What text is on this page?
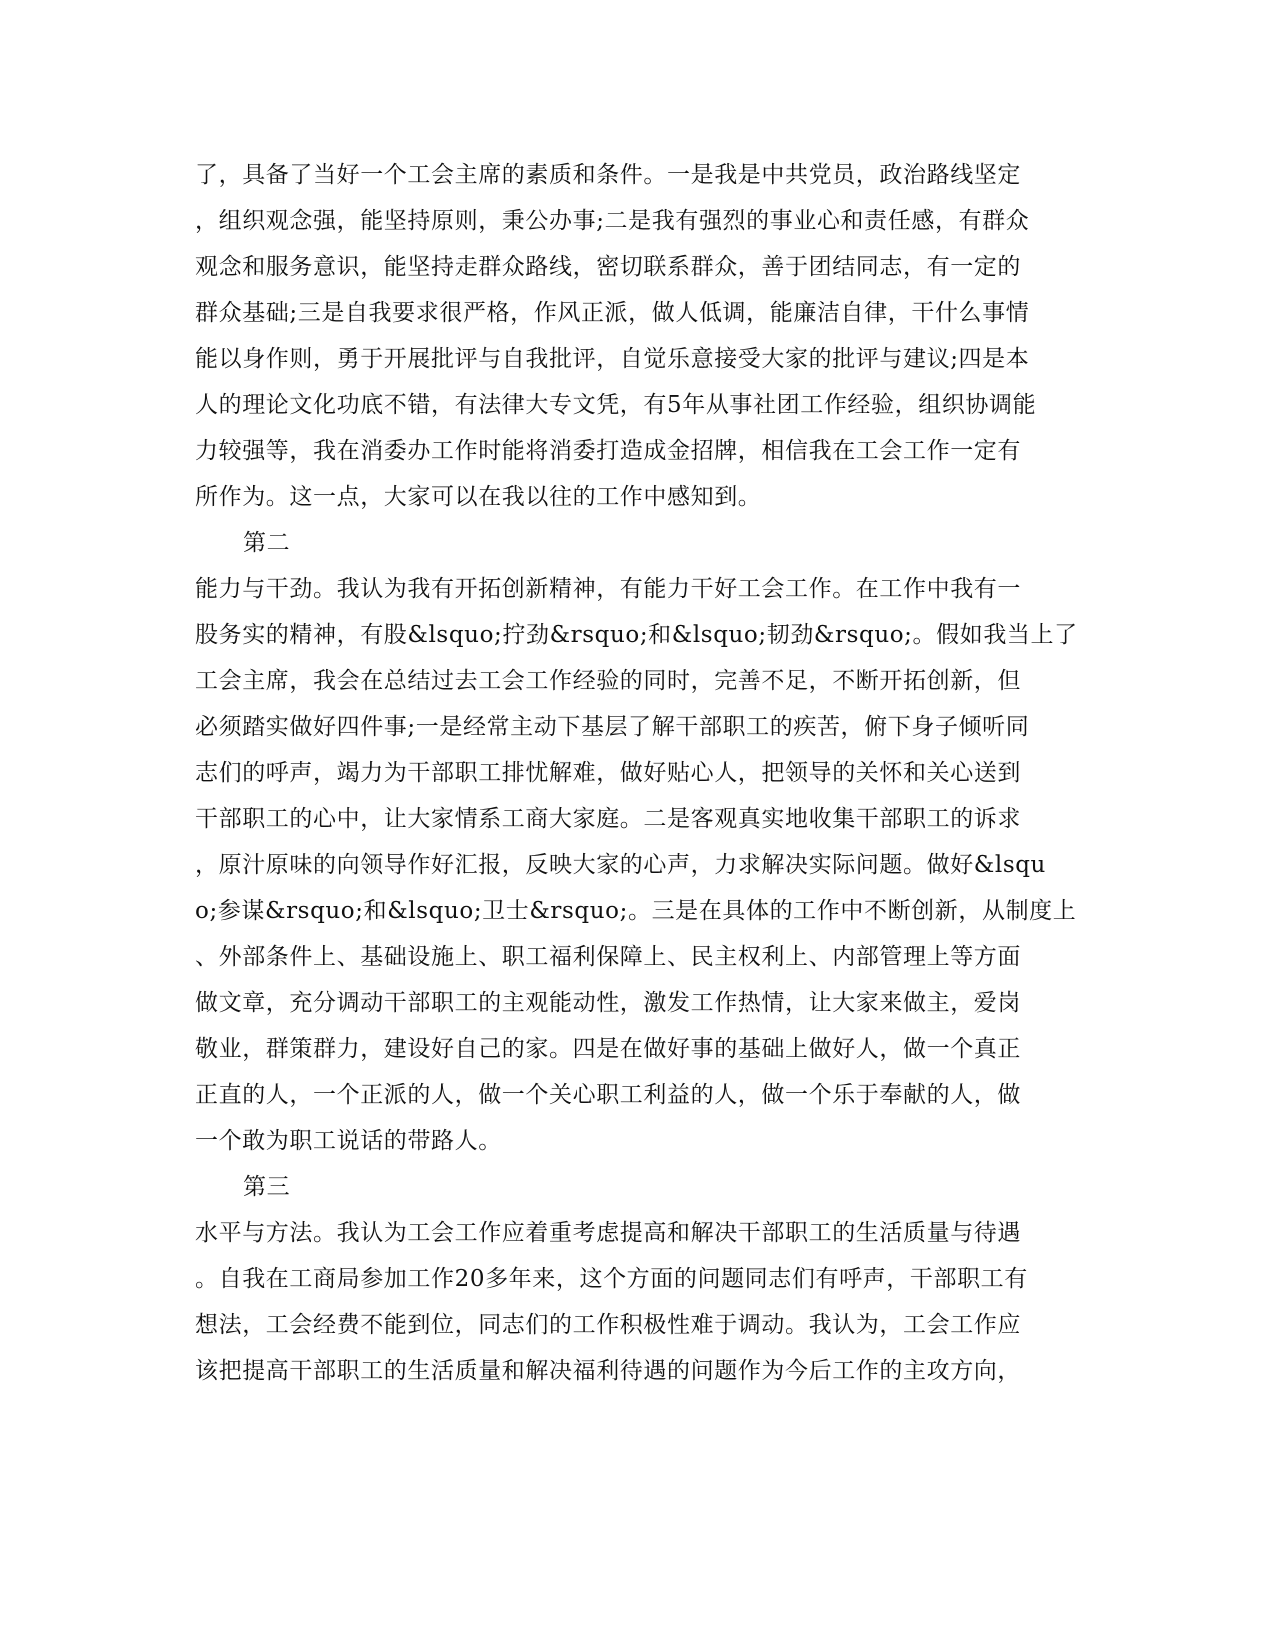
了，具备了当好一个工会主席的素质和条件。一是我是中共党员，政治路线坚定

，组织观念强，能坚持原则，秉公办事;二是我有强烈的事业心和责任感，有群众

观念和服务意识，能坚持走群众路线，密切联系群众，善于团结同志，有一定的

群众基础;三是自我要求很严格，作风正派，做人低调，能廉洁自律，干什么事情

能以身作则，勇于开展批评与自我批评，自觉乐意接受大家的批评与建议;四是本

人的理论文化功底不错，有法律大专文凭，有5年从事社团工作经验，组织协调能

力较强等，我在消委办工作时能将消委打造成金招牌，相信我在工会工作一定有

所作为。这一点，大家可以在我以往的工作中感知到。

第二

能力与干劲。我认为我有开拓创新精神，有能力干好工会工作。在工作中我有一

股务实的精神，有股&lsquo;拧劲&rsquo;和&lsquo;韧劲&rsquo;。假如我当上了

工会主席，我会在总结过去工会工作经验的同时，完善不足，不断开拓创新，但

必须踏实做好四件事;一是经常主动下基层了解干部职工的疾苦，俯下身子倾听同

志们的呼声，竭力为干部职工排忧解难，做好贴心人，把领导的关怀和关心送到

干部职工的心中，让大家情系工商大家庭。二是客观真实地收集干部职工的诉求

，原汁原味的向领导作好汇报，反映大家的心声，力求解决实际问题。做好&lsqu

o;参谋&rsquo;和&lsquo;卫士&rsquo;。三是在具体的工作中不断创新，从制度上

、外部条件上、基础设施上、职工福利保障上、民主权利上、内部管理上等方面

做文章，充分调动干部职工的主观能动性，激发工作热情，让大家来做主，爱岗

敬业，群策群力，建设好自己的家。四是在做好事的基础上做好人，做一个真正

正直的人，一个正派的人，做一个关心职工利益的人，做一个乐于奉献的人，做

一个敢为职工说话的带路人。

第三

水平与方法。我认为工会工作应着重考虑提高和解决干部职工的生活质量与待遇

。自我在工商局参加工作20多年来，这个方面的问题同志们有呼声，干部职工有

想法，工会经费不能到位，同志们的工作积极性难于调动。我认为，工会工作应

该把提高干部职工的生活质量和解决福利待遇的问题作为今后工作的主攻方向，
